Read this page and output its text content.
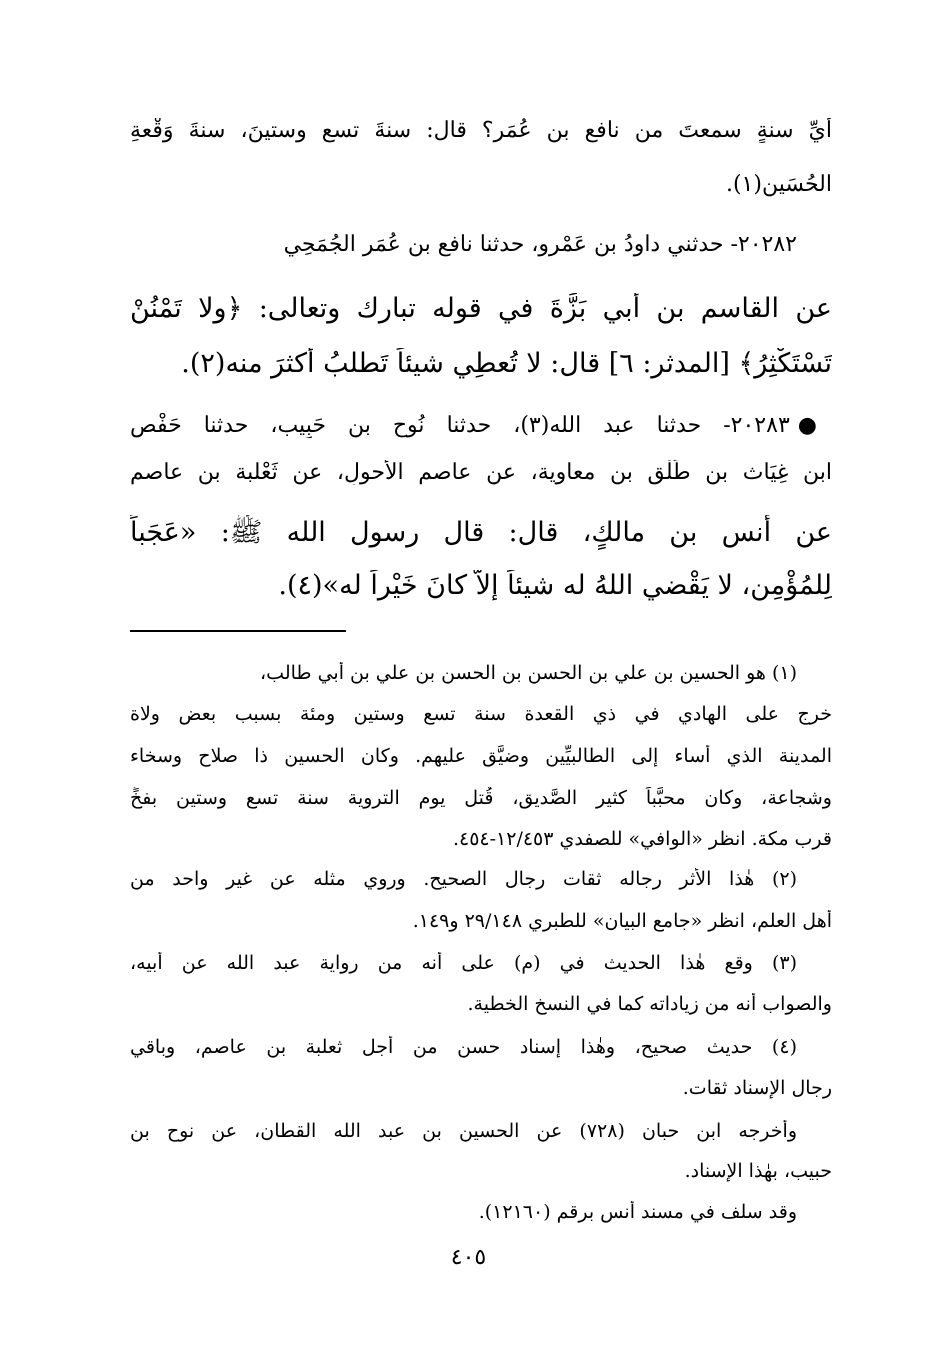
أيِّ سنةٍ سمعتَ من نافع بن عُمَر؟ قال: سنةَ تسعٍ وستينَ، سنةَ وَقْعةِ
الحُسَين(١).
٢٠٢٨٢- حدثني داودُ بن عَمْرو، حدثنا نافع بن عُمَر الجُمَحِي
عن القاسم بن أبي بَزَّةَ في قوله تبارك وتعالى: ﴿ولا تَمْنُنْ
تَسْتَكْثِرُ﴾ [المدثر: ٦] قال: لا تُعطِي شيئاً تَطلبُ أكثرَ منه(٢).
●٢٠٢٨٣- حدثنا عبد الله(٣)، حدثنا نُوح بن حَبِيب، حدثنا حَفْص
ابن غِيَاث بن طَلْق بن معاوية، عن عاصمٍ الأحولِ، عن ثَعْلبة بن عاصم
عن أنس بن مالكٍ، قال: قال رسول الله ﷺ: «عَجَباً
لِلمُؤْمِنِ، لا يَقْضي اللهُ له شيئاً إلاّ كانَ خَيْراً له»(٤).
(١) هو الحسين بن علي بن الحسن بن الحسن بن علي بن أبي طالب،
خرج على الهادي في ذي القعدة سنة تسع وستين ومئة بسبب بعض ولاة
المدينة الذي أساء إلى الطالبيِّين وضيَّق عليهم. وكان الحسين ذا صلاح وسخاء
وشجاعة، وكان محبَّباً كثير الصَّديق، قُتل يوم التروية سنة تسع وستين بفخٍّ
قرب مكة. انظر «الوافي» للصفدي ١٢/٤٥٣-٤٥٤.
(٢) هٰذا الأثر رجاله ثقات رجال الصحيح. وروي مثله عن غير واحد من
أهل العلم، انظر «جامع البيان» للطبري ٢٩/١٤٨ و١٤٩.
(٣) وقع هٰذا الحديث في (م) على أنه من رواية عبد الله عن أبيه،
والصواب أنه من زياداته كما في النسخ الخطية.
(٤) حديث صحيح، وهٰذا إسناد حسن من أجل ثعلبة بن عاصم، وباقي
رجال الإسناد ثقات.
وأخرجه ابن حبان (٧٢٨) عن الحسين بن عبد الله القطان، عن نوح بن
حبيب، بهٰذا الإسناد.
وقد سلف في مسند أنس برقم (١٢١٦٠).
٤٠٥
